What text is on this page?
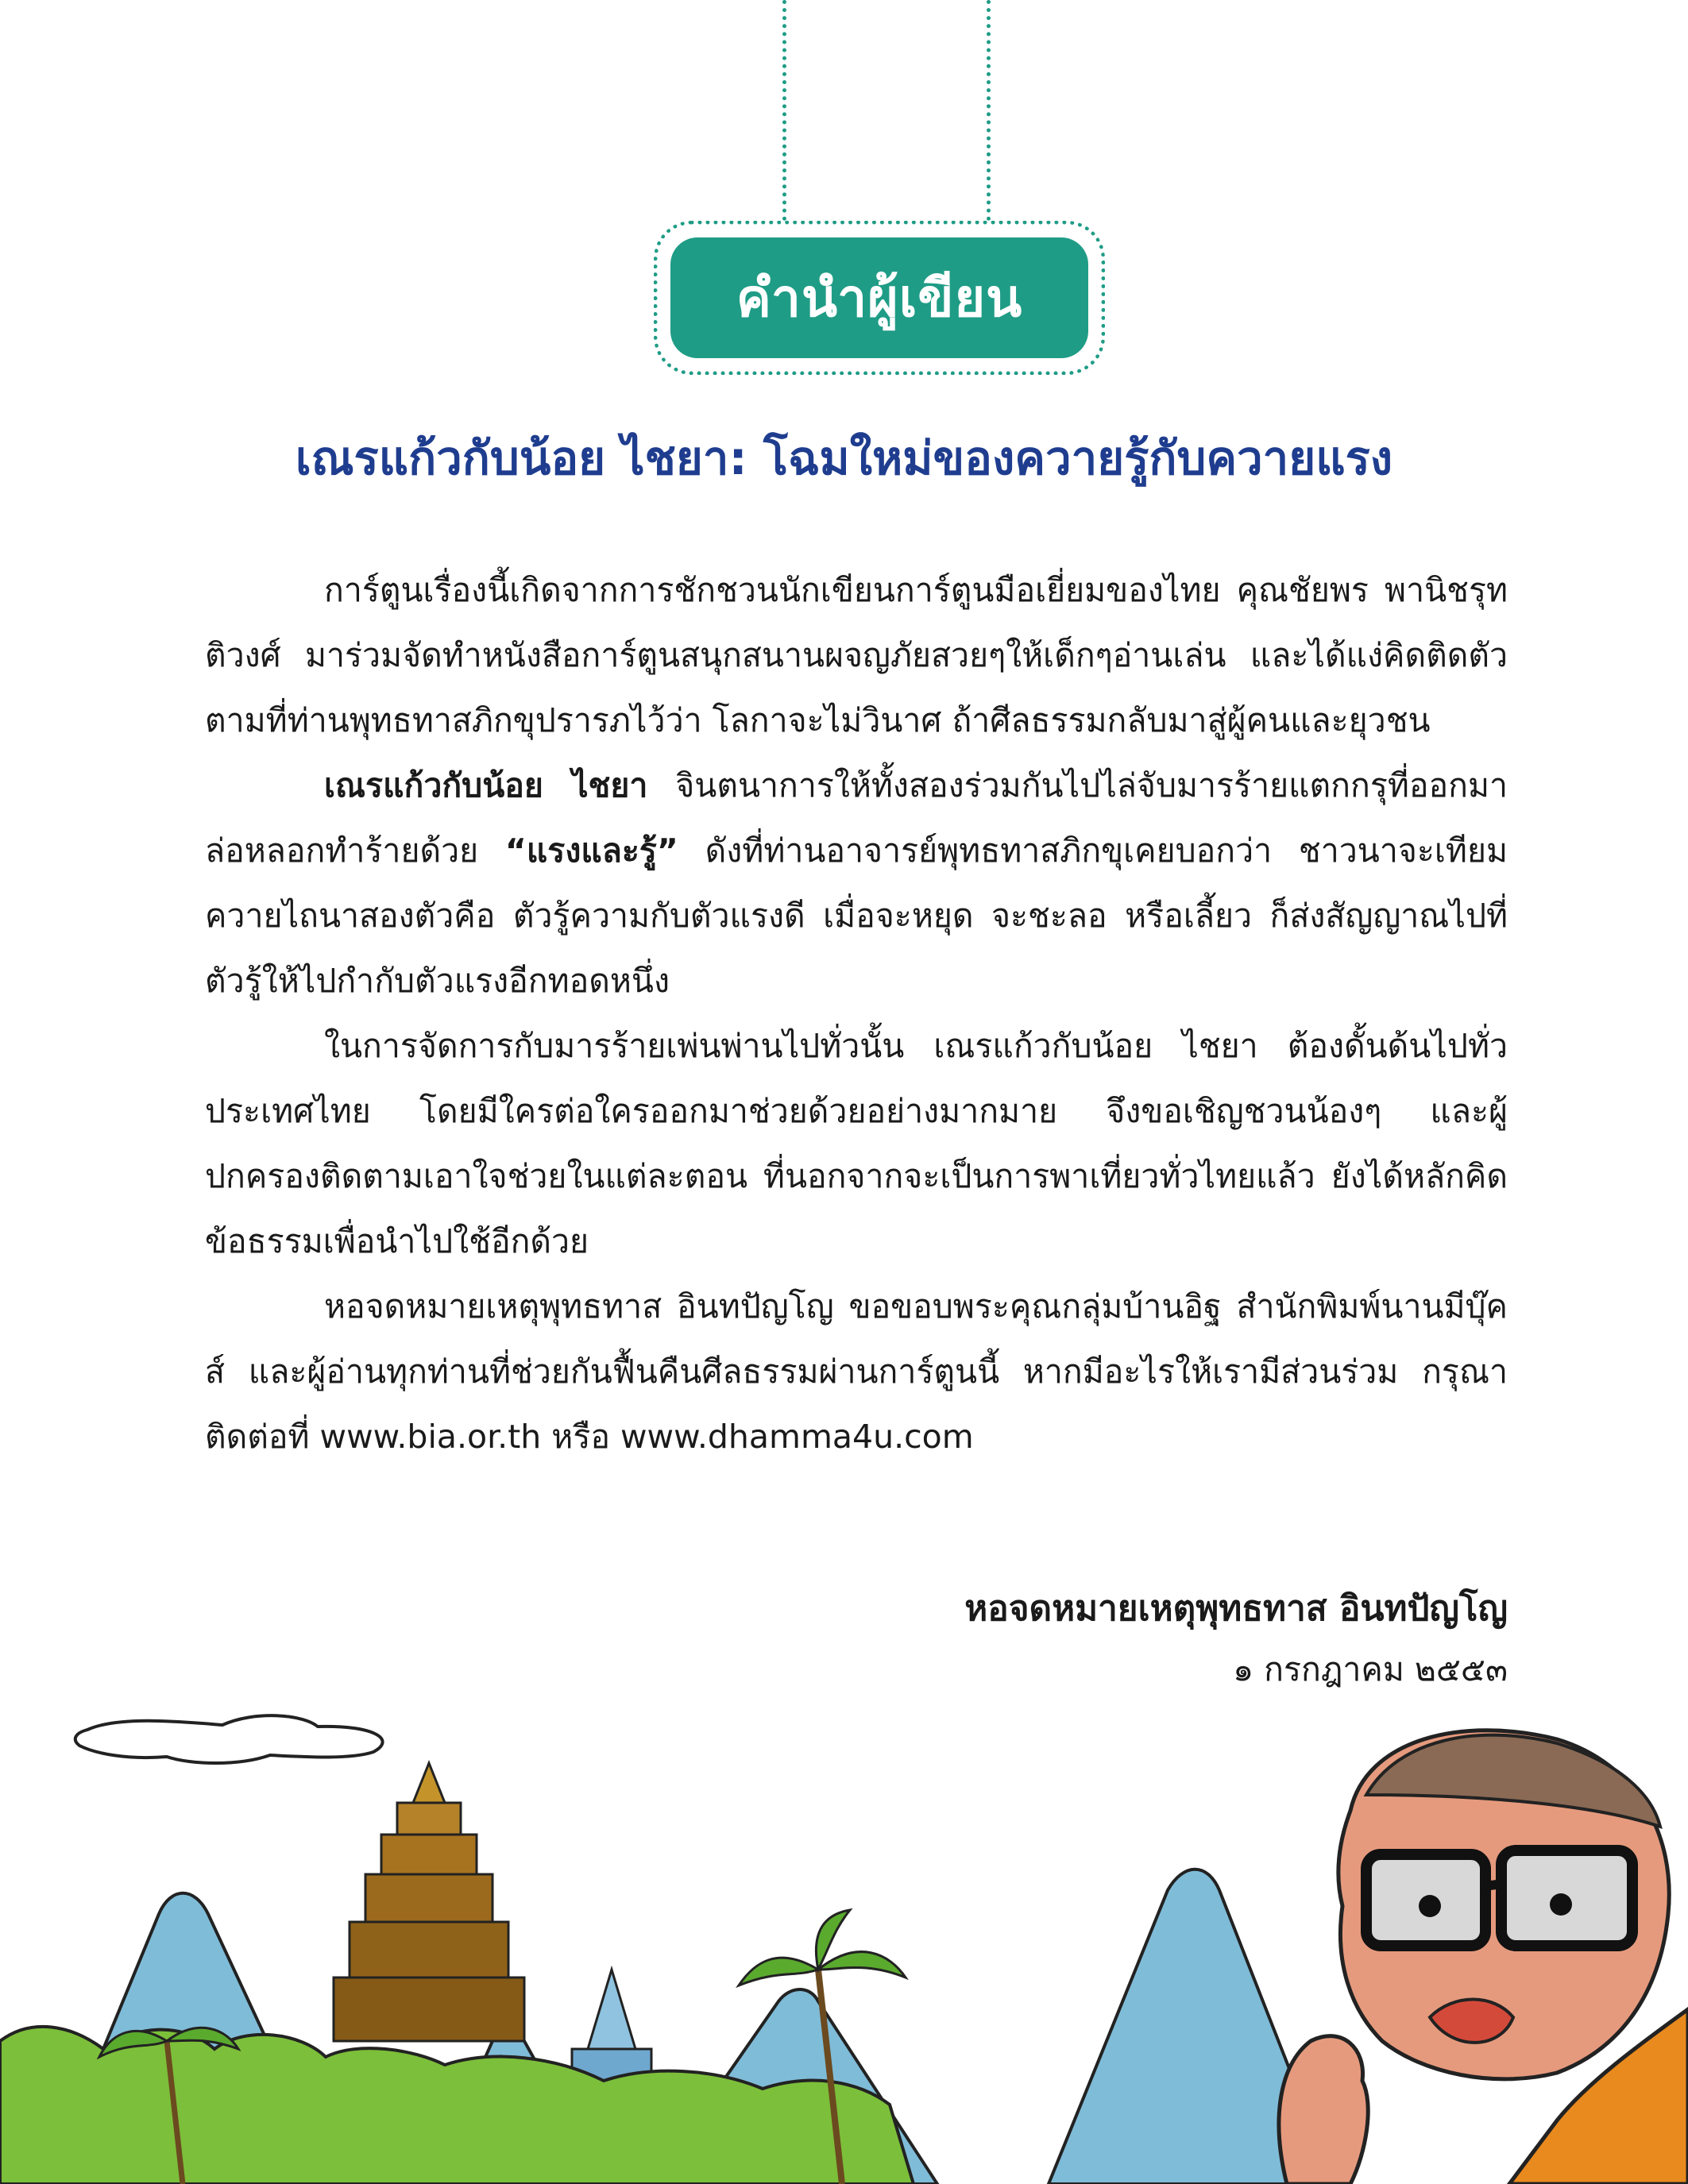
คำนำผู้เขียน
เณรแก้วกับน้อย ไชยา: โฉมใหม่ของควายรู้กับควายแรง

การ์ตูนเรื่องนี้เกิดจากการชักชวนนักเขียนการ์ตูนมือเยี่ยมของไทย คุณชัยพร พานิชรุทติวงศ์ มาร่วมจัดทำหนังสือการ์ตูนสนุกสนานผจญภัยสวยๆให้เด็กๆอ่านเล่น และได้แง่คิดติดตัว ตามที่ท่านพุทธทาสภิกขุปรารภไว้ว่า โลกาจะไม่วินาศ ถ้าศีลธรรมกลับมาสู่ผู้คนและยุวชน

เณรแก้วกับน้อย ไชยา จินตนาการให้ทั้งสองร่วมกันไปไล่จับมารร้ายแตกกรุที่ออกมาล่อหลอกทำร้ายด้วย “แรงและรู้” ดังที่ท่านอาจารย์พุทธทาสภิกขุเคยบอกว่า ชาวนาจะเทียมควายไถนาสองตัวคือ ตัวรู้ความกับตัวแรงดี เมื่อจะหยุด จะชะลอ หรือเลี้ยว ก็ส่งสัญญาณไปที่ตัวรู้ให้ไปกำกับตัวแรงอีกทอดหนึ่ง

ในการจัดการกับมารร้ายเพ่นพ่านไปทั่วนั้น เณรแก้วกับน้อย ไชยา ต้องดั้นด้นไปทั่วประเทศไทย โดยมีใครต่อใครออกมาช่วยด้วยอย่างมากมาย จึงขอเชิญชวนน้องๆ และผู้ปกครองติดตามเอาใจช่วยในแต่ละตอน ที่นอกจากจะเป็นการพาเที่ยวทั่วไทยแล้ว ยังได้หลักคิดข้อธรรมเพื่อนำไปใช้อีกด้วย

หอจดหมายเหตุพุทธทาส อินทปัญโญ ขอขอบพระคุณกลุ่มบ้านอิฐ สำนักพิมพ์นานมีบุ๊คส์ และผู้อ่านทุกท่านที่ช่วยกันฟื้นคืนศีลธรรมผ่านการ์ตูนนี้ หากมีอะไรให้เรามีส่วนร่วม กรุณาติดต่อที่ www.bia.or.th หรือ www.dhamma4u.com

หอจดหมายเหตุพุทธทาส อินทปัญโญ
๑ กรกฎาคม ๒๕๕๓
